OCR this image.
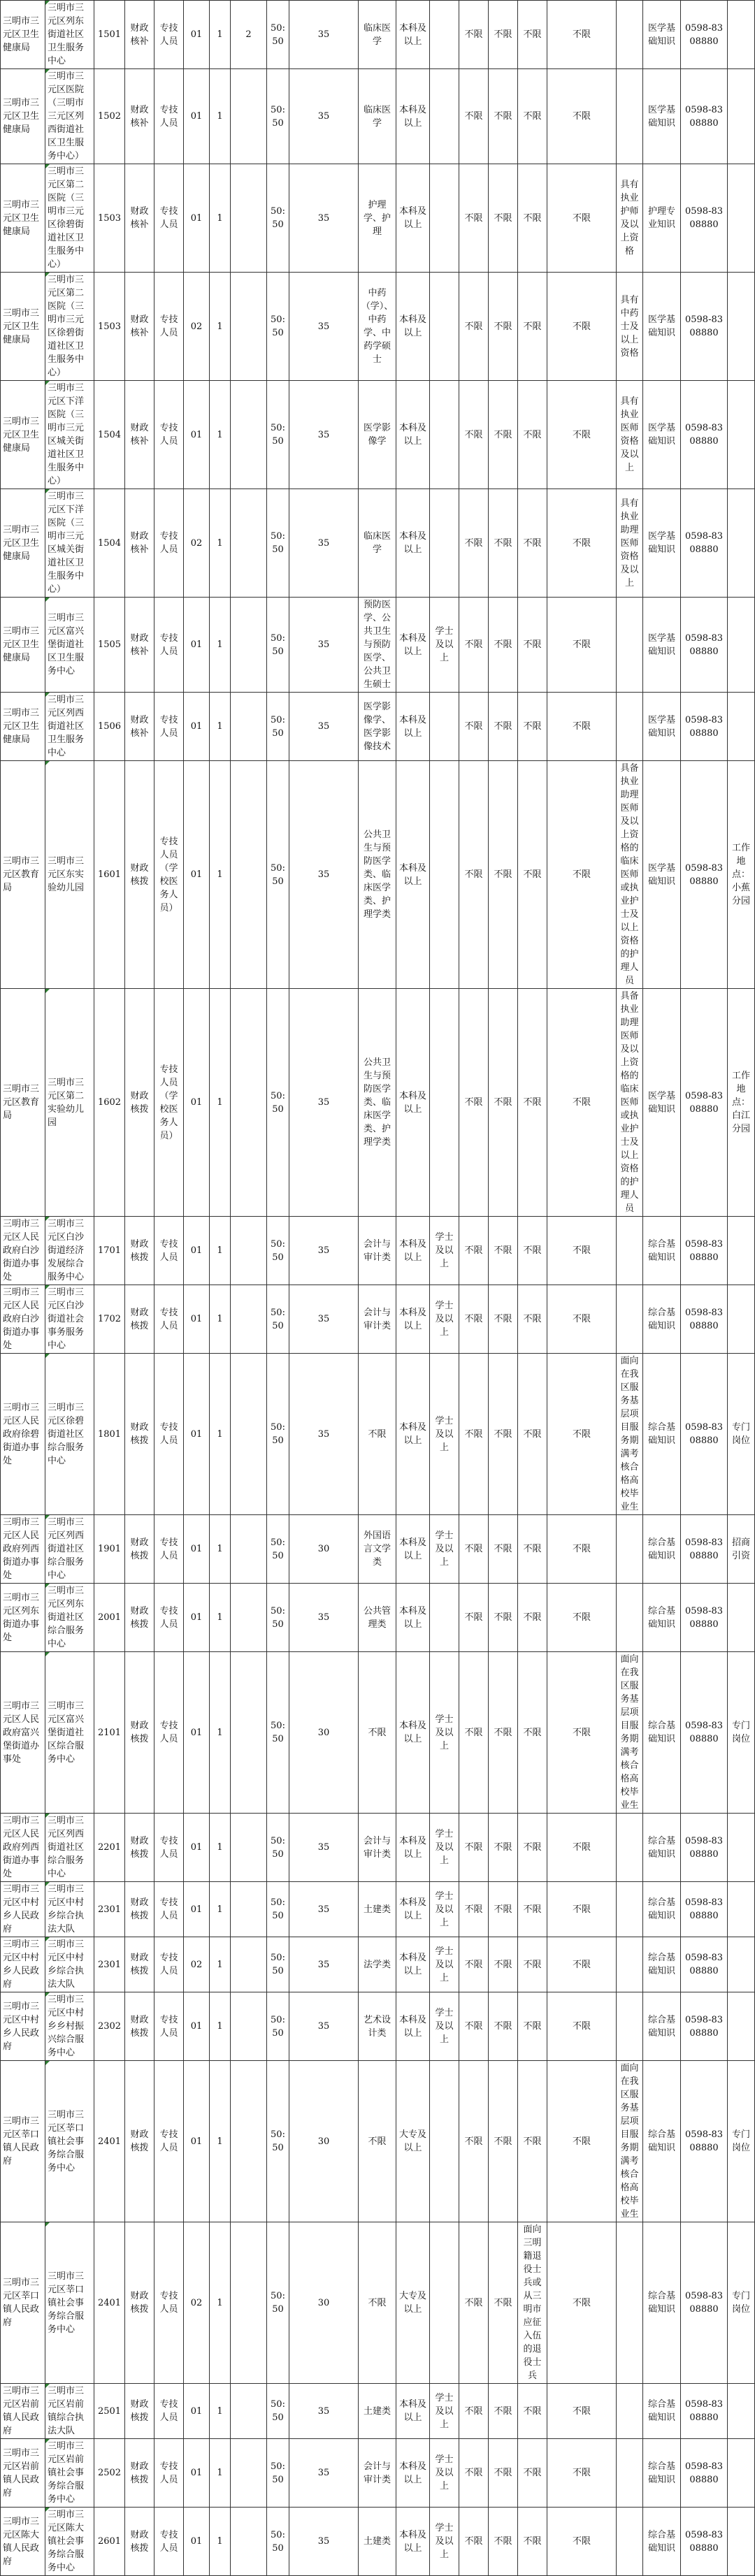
三明市三元区卫生健康局	三明市三元区列东街道社区卫生服务中心	1501	财政核补	专技人员	01	1	2	50:50	35	临床医学	本科及以上		不限	不限	不限	不限		医学基础知识	0598-8308880	
三明市三元区卫生健康局	三明市三元区医院（三明市三元区列西街道社区卫生服务中心）	1502	财政核补	专技人员	01	1		50:50	35	临床医学	本科及以上		不限	不限	不限	不限		医学基础知识	0598-8308880	
三明市三元区卫生健康局	三明市三元区第二医院（三明市三元区徐碧街道社区卫生服务中心）	1503	财政核补	专技人员	01	1		50:50	35	护理学、护理	本科及以上		不限	不限	不限	不限	具有执业护师及以上资格	护理专业知识	0598-8308880	
三明市三元区卫生健康局	三明市三元区第二医院（三明市三元区徐碧街道社区卫生服务中心）	1503	财政核补	专技人员	02	1		50:50	35	中药（学）、中药学、中药学硕士	本科及以上		不限	不限	不限	不限	具有中药士及以上资格	医学基础知识	0598-8308880	
三明市三元区卫生健康局	三明市三元区下洋医院（三明市三元区城关街道社区卫生服务中心）	1504	财政核补	专技人员	01	1		50:50	35	医学影像学	本科及以上		不限	不限	不限	不限	具有执业医师资格及以上	医学基础知识	0598-8308880	
三明市三元区卫生健康局	三明市三元区下洋医院（三明市三元区城关街道社区卫生服务中心）	1504	财政核补	专技人员	02	1		50:50	35	临床医学	本科及以上		不限	不限	不限	不限	具有执业助理医师资格及以上	医学基础知识	0598-8308880	
三明市三元区卫生健康局	三明市三元区富兴堡街道社区卫生服务中心	1505	财政核补	专技人员	01	1		50:50	35	预防医学、公共卫生与预防医学、公共卫生硕士	本科及以上	学士及以上	不限	不限	不限	不限		医学基础知识	0598-8308880	
三明市三元区卫生健康局	三明市三元区列西街道社区卫生服务中心	1506	财政核补	专技人员	01	1		50:50	35	医学影像学、医学影像技术	本科及以上		不限	不限	不限	不限		医学基础知识	0598-8308880	
三明市三元区教育局	三明市三元区东实验幼儿园	1601	财政核拨	专技人员（学校医务人员）	01	1		50:50	35	公共卫生与预防医学类、临床医学类、护理学类	本科及以上		不限	不限	不限	不限	具备执业助理医师及以上资格的临床医师或执业护士及以上资格的护理人员	医学基础知识	0598-8308880	工作地点：小蕉分园
三明市三元区教育局	三明市三元区第二实验幼儿园	1602	财政核拨	专技人员（学校医务人员）	01	1		50:50	35	公共卫生与预防医学类、临床医学类、护理学类	本科及以上		不限	不限	不限	不限	具备执业助理医师及以上资格的临床医师或执业护士及以上资格的护理人员	医学基础知识	0598-8308880	工作地点：白江分园
三明市三元区人民政府白沙街道办事处	三明市三元区白沙街道经济发展综合服务中心	1701	财政核拨	专技人员	01	1		50:50	35	会计与审计类	本科及以上	学士及以上	不限	不限	不限	不限		综合基础知识	0598-8308880	
三明市三元区人民政府白沙街道办事处	三明市三元区白沙街道社会事务服务中心	1702	财政核拨	专技人员	01	1		50:50	35	会计与审计类	本科及以上	学士及以上	不限	不限	不限	不限		综合基础知识	0598-8308880	
三明市三元区人民政府徐碧街道办事处	三明市三元区徐碧街道社区综合服务中心	1801	财政核拨	专技人员	01	1		50:50	35	不限	本科及以上	学士及以上	不限	不限	不限	不限	面向在我区服务基层项目服务期满考核合格高校毕业生	综合基础知识	0598-8308880	专门岗位
三明市三元区人民政府列西街道办事处	三明市三元区列西街道社区综合服务中心	1901	财政核拨	专技人员	01	1		50:50	30	外国语言文学类	本科及以上	学士及以上	不限	不限	不限	不限		综合基础知识	0598-8308880	招商引资
三明市三元区列东街道办事处	三明市三元区列东街道社区综合服务中心	2001	财政核拨	专技人员	01	1		50:50	35	公共管理类	本科及以上		不限	不限	不限	不限		综合基础知识	0598-8308880	
三明市三元区人民政府富兴堡街道办事处	三明市三元区富兴堡街道社区综合服务中心	2101	财政核拨	专技人员	01	1		50:50	30	不限	本科及以上	学士及以上	不限	不限	不限	不限	面向在我区服务基层项目服务期满考核合格高校毕业生	综合基础知识	0598-8308880	专门岗位
三明市三元区人民政府列西街道办事处	三明市三元区列西街道社区综合服务中心	2201	财政核拨	专技人员	01	1		50:50	35	会计与审计类	本科及以上	学士及以上	不限	不限	不限	不限		综合基础知识	0598-8308880	
三明市三元区中村乡人民政府	三明市三元区中村乡综合执法大队	2301	财政核拨	专技人员	01	1		50:50	35	土建类	本科及以上	学士及以上	不限	不限	不限	不限		综合基础知识	0598-8308880	
三明市三元区中村乡人民政府	三明市三元区中村乡综合执法大队	2301	财政核拨	专技人员	02	1		50:50	35	法学类	本科及以上	学士及以上	不限	不限	不限	不限		综合基础知识	0598-8308880	
三明市三元区中村乡人民政府	三明市三元区中村乡乡村振兴综合服务中心	2302	财政核拨	专技人员	01	1		50:50	35	艺术设计类	本科及以上	学士及以上	不限	不限	不限	不限		综合基础知识	0598-8308880	
三明市三元区莘口镇人民政府	三明市三元区莘口镇社会事务综合服务中心	2401	财政核拨	专技人员	01	1		50:50	30	不限	大专及以上		不限	不限	不限	不限	面向在我区服务基层项目服务期满考核合格高校毕业生	综合基础知识	0598-8308880	专门岗位
三明市三元区莘口镇人民政府	三明市三元区莘口镇社会事务综合服务中心	2401	财政核拨	专技人员	02	1		50:50	30	不限	大专及以上		不限	不限	面向三明籍退役士兵或从三明市应征入伍的退役士兵	不限		综合基础知识	0598-8308880	专门岗位
三明市三元区岩前镇人民政府	三明市三元区岩前镇综合执法大队	2501	财政核拨	专技人员	01	1		50:50	35	土建类	本科及以上	学士及以上	不限	不限	不限	不限		综合基础知识	0598-8308880	
三明市三元区岩前镇人民政府	三明市三元区岩前镇社会事务综合服务中心	2502	财政核拨	专技人员	01	1		50:50	35	会计与审计类	本科及以上	学士及以上	不限	不限	不限	不限		综合基础知识	0598-8308880	
三明市三元区陈大镇人民政府	三明市三元区陈大镇社会事务综合服务中心	2601	财政核拨	专技人员	01	1		50:50	35	土建类	本科及以上	学士及以上	不限	不限	不限	不限		综合基础知识	0598-8308880	
